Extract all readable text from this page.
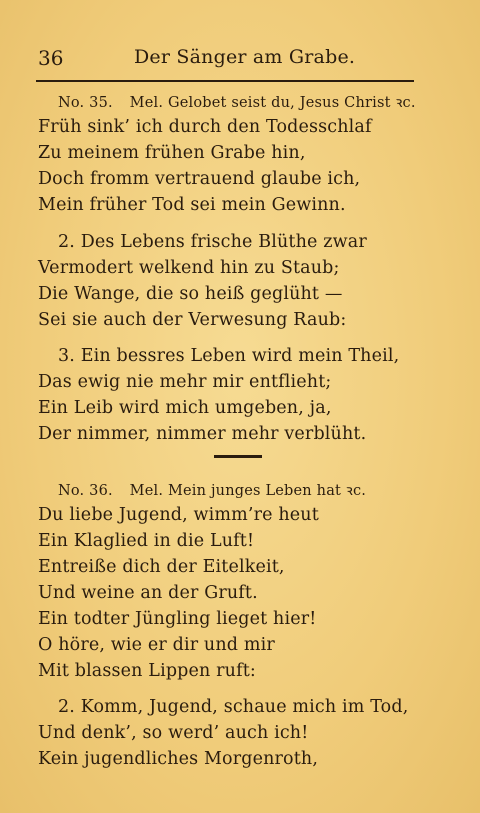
36	Der Sänger am Grabe.
No. 35. Mel. Gelobet seist du, Jesus Christ ꝛc.
Früh sink’ ich durch den Todesschlaf
Zu meinem frühen Grabe hin,
Doch fromm vertrauend glaube ich,
Mein früher Tod sei mein Gewinn.
2. Des Lebens frische Blüthe zwar
Vermodert welkend hin zu Staub;
Die Wange, die so heiß geglüht —
Sei sie auch der Verwesung Raub:
3. Ein bessres Leben wird mein Theil,
Das ewig nie mehr mir entflieht;
Ein Leib wird mich umgeben, ja,
Der nimmer, nimmer mehr verblüht.
No. 36. Mel. Mein junges Leben hat ꝛc.
Du liebe Jugend, wimm’re heut
Ein Klaglied in die Luft!
Entreiße dich der Eitelkeit,
Und weine an der Gruft.
Ein todter Jüngling lieget hier!
O höre, wie er dir und mir
Mit blassen Lippen ruft:
2. Komm, Jugend, schaue mich im Tod,
Und denk’, so werd’ auch ich!
Kein jugendliches Morgenroth,
